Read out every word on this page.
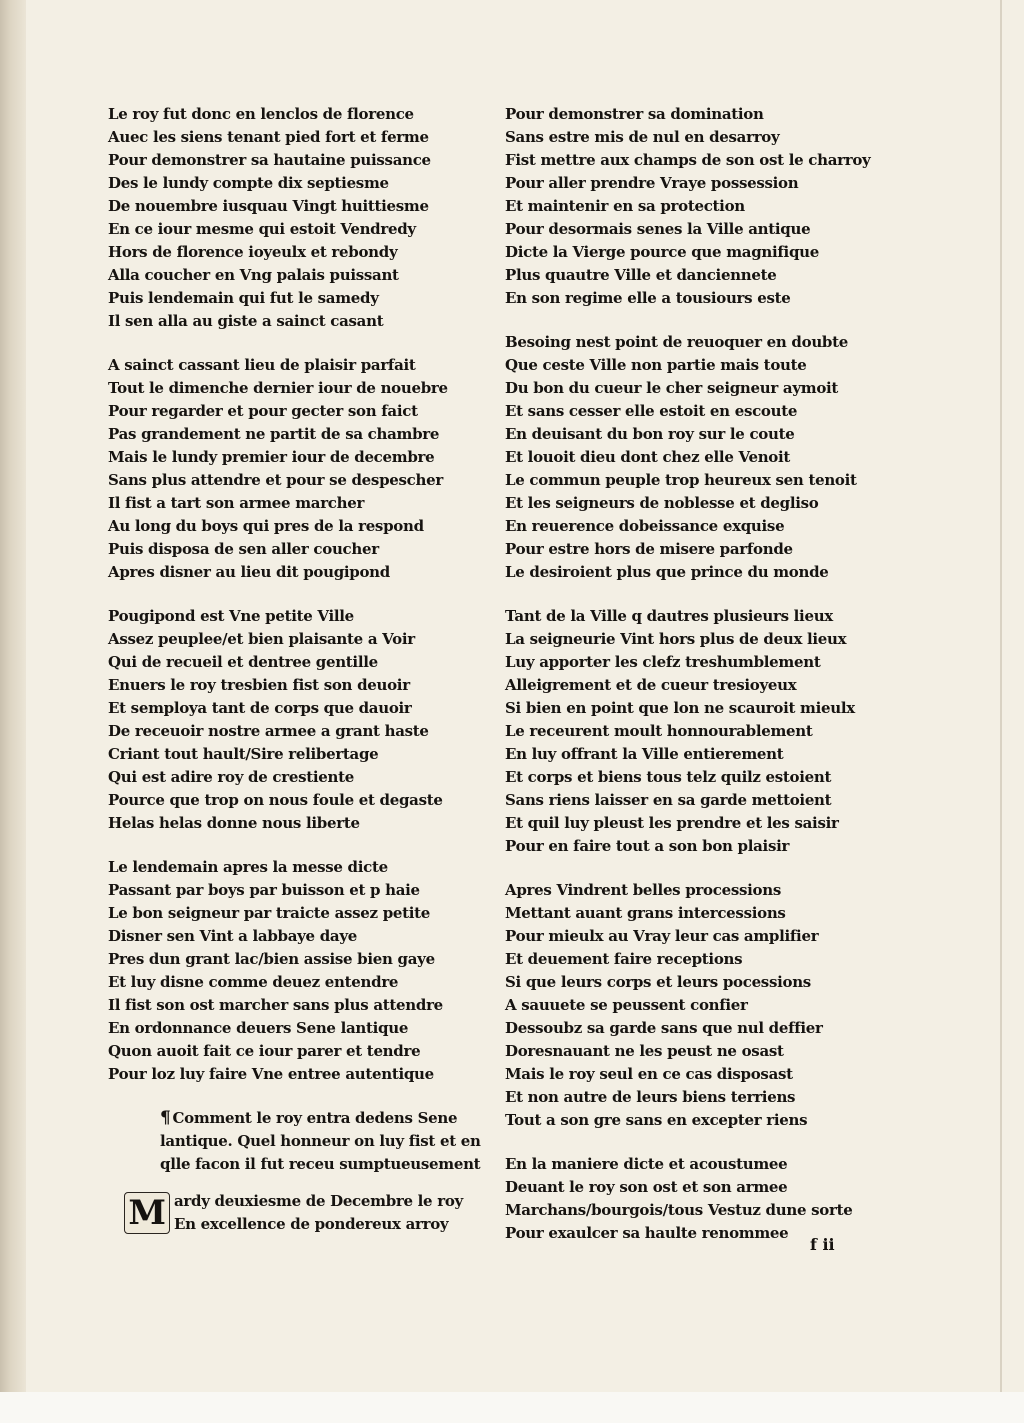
Le roy fut donc en lenclos de florence
Auec les siens tenant pied fort et ferme
Pour demonstrer sa hautaine puissance
Des le lundy compte dix septiesme
De nouembre iusquau Vingt huittiesme
En ce iour mesme qui estoit Vendredy
Hors de florence ioyeulx et rebondy
Alla coucher en Vng palais puissant
Puis lendemain qui fut le samedy
Il sen alla au giste a sainct casant
A sainct cassant lieu de plaisir parfait
Tout le dimenche dernier iour de nouebre
Pour regarder et pour gecter son faict
Pas grandement ne partit de sa chambre
Mais le lundy premier iour de decembre
Sans plus attendre et pour se despescher
Il fist a tart son armee marcher
Au long du boys qui pres de la respond
Puis disposa de sen aller coucher
Apres disner au lieu dit pougipond
Pougipond est Vne petite Ville
Assez peuplee/et bien plaisante a Voir
Qui de recueil et dentree gentille
Enuers le roy tresbien fist son deuoir
Et semploya tant de corps que dauoir
De receuoir nostre armee a grant haste
Criant tout hault/Sire relibertage
Qui est adire roy de crestiente
Pource que trop on nous foule et degaste
Helas helas donne nous liberte
Le lendemain apres la messe dicte
Passant par boys par buisson et p haie
Le bon seigneur par traicte assez petite
Disner sen Vint a labbaye daye
Pres dun grant lac/bien assise bien gaye
Et luy disne comme deuez entendre
Il fist son ost marcher sans plus attendre
En ordonnance deuers Sene lantique
Quon auoit fait ce iour parer et tendre
Pour loz luy faire Vne entree autentique
¶ Comment le roy entra dedens Sene
lantique. Quel honneur on luy fist et en
qlle facon il fut receu sumptueusement
M ardy deuxiesme de Decembre le roy
En excellence de pondereux arroy
Pour demonstrer sa domination
Sans estre mis de nul en desarroy
Fist mettre aux champs de son ost le charroy
Pour aller prendre Vraye possession
Et maintenir en sa protection
Pour desormais senes la Ville antique
Dicte la Vierge pource que magnifique
Plus quautre Ville et danciennete
En son regime elle a tousiours este
Besoing nest point de reuoquer en doubte
Que ceste Ville non partie mais toute
Du bon du cueur le cher seigneur aymoit
Et sans cesser elle estoit en escoute
En deuisant du bon roy sur le coute
Et louoit dieu dont chez elle Venoit
Le commun peuple trop heureux sen tenoit
Et les seigneurs de noblesse et degliso
En reuerence dobeissance exquise
Pour estre hors de misere parfonde
Le desiroient plus que prince du monde
Tant de la Ville q dautres plusieurs lieux
La seigneurie Vint hors plus de deux lieux
Luy apporter les clefz treshumblement
Alleigrement et de cueur tresioyeux
Si bien en point que lon ne scauroit mieulx
Le receurent moult honnourablement
En luy offrant la Ville entierement
Et corps et biens tous telz quilz estoient
Sans riens laisser en sa garde mettoient
Et quil luy pleust les prendre et les saisir
Pour en faire tout a son bon plaisir
Apres Vindrent belles processions
Mettant auant grans intercessions
Pour mieulx au Vray leur cas amplifier
Et deuement faire receptions
Si que leurs corps et leurs pocessions
A sauuete se peussent confier
Dessoubz sa garde sans que nul deffier
Doresnauant ne les peust ne osast
Mais le roy seul en ce cas disposast
Et non autre de leurs biens terriens
Tout a son gre sans en excepter riens
En la maniere dicte et acoustumee
Deuant le roy son ost et son armee
Marchans/bourgois/tous Vestuz dune sorte
Pour exaulcer sa haulte renommee
f ii
